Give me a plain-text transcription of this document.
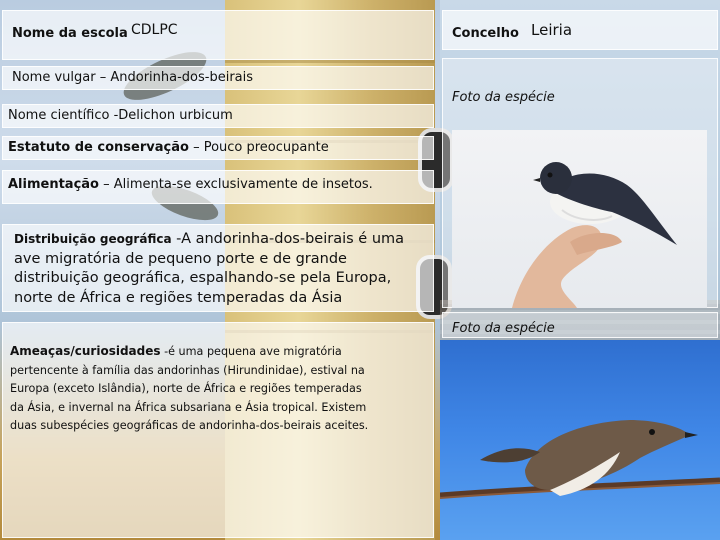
Nome da escola CDLPC
Nome vulgar – Andorinha-dos-beirais
Nome científico -Delichon urbicum
Estatuto de conservação – Pouco preocupante
Alimentação – Alimenta-se exclusivamente de insetos.
Distribuição geográfica -A andorinha-dos-beirais é uma
ave migratória de pequeno porte e de grande
distribuição geográfica, espalhando-se pela Europa,
norte de África e regiões temperadas da Ásia
Ameaças/curiosidades -é uma pequena ave migratória
pertencente à família das andorinhas (Hirundinidae), estival na
Europa (exceto Islândia), norte de África e regiões temperadas
da Ásia, e invernal na África subsariana e Ásia tropical. Existem
duas subespécies geográficas de andorinha-dos-beirais aceites.
Concelho Leiria
Foto da espécie
Foto da espécie
